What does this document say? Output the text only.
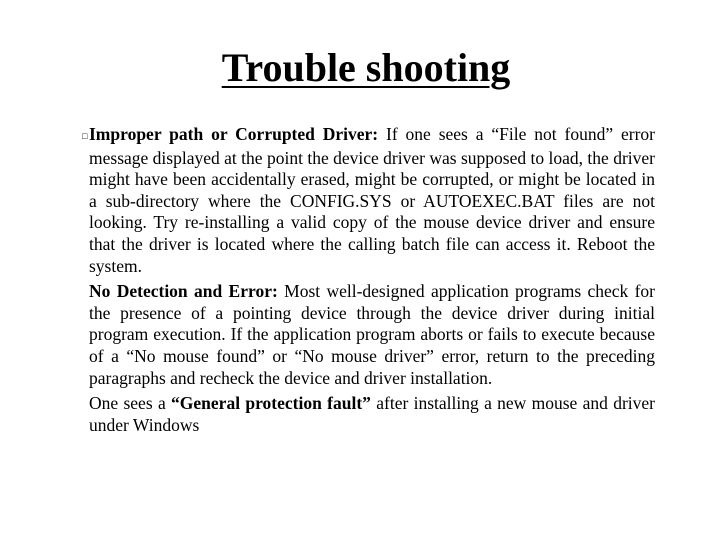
Trouble shooting

□Improper path or Corrupted Driver: If one sees a “File not found” error message displayed at the point the device driver was supposed to load, the driver might have been accidentally erased, might be corrupted, or might be located in a sub-directory where the CONFIG.SYS or AUTOEXEC.BAT files are not looking. Try re-installing a valid copy of the mouse device driver and ensure that the driver is located where the calling batch file can access it. Reboot the system.

No Detection and Error: Most well-designed application programs check for the presence of a pointing device through the device driver during initial program execution. If the application program aborts or fails to execute because of a “No mouse found” or “No mouse driver” error, return to the preceding paragraphs and recheck the device and driver installation.

One sees a “General protection fault” after installing a new mouse and driver under Windows
